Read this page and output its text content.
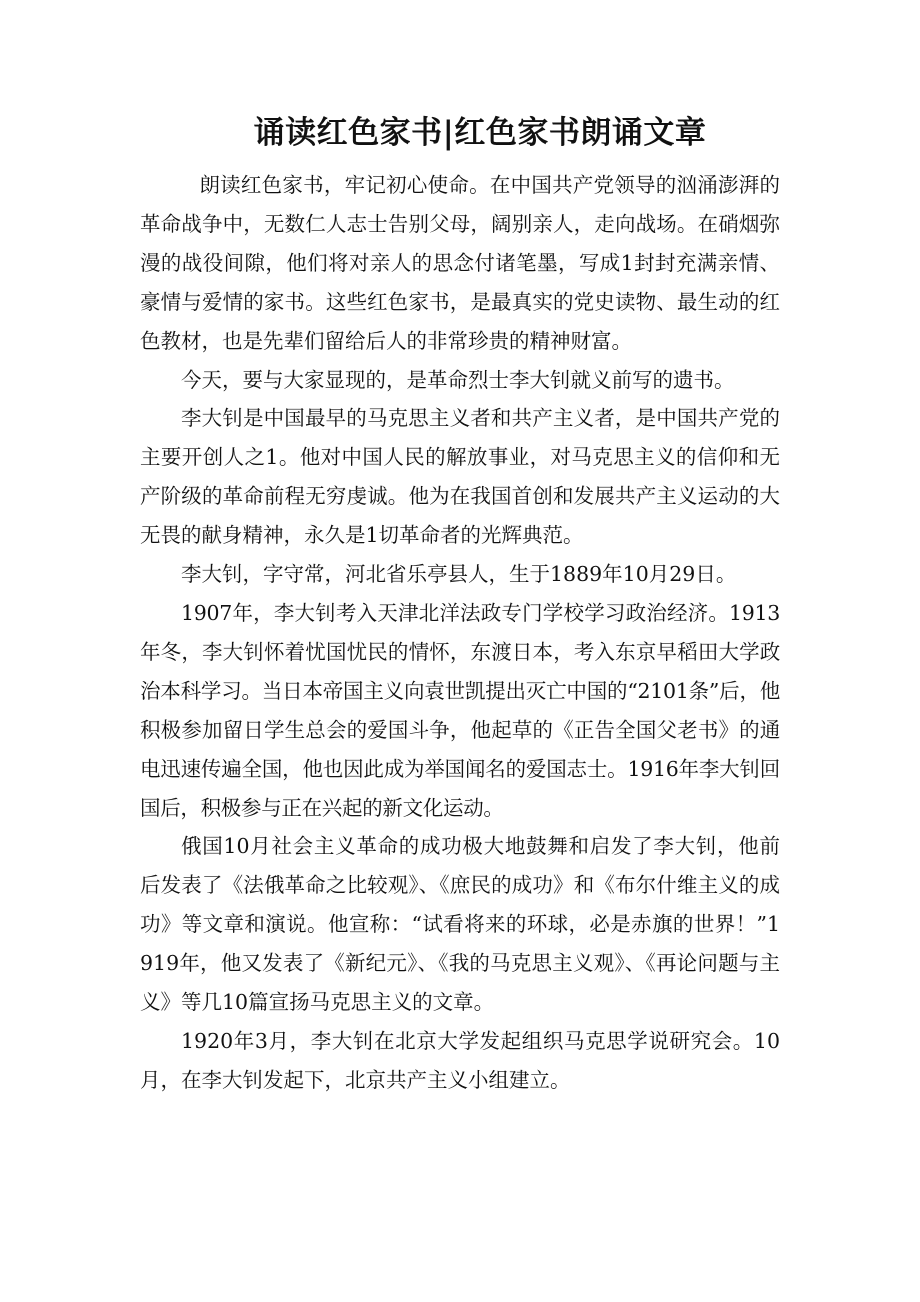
诵读红色家书|红色家书朗诵文章

朗读红色家书，牢记初心使命。在中国共产党领导的汹涌澎湃的革命战争中，无数仁人志士告别父母，阔别亲人，走向战场。在硝烟弥漫的战役间隙，他们将对亲人的思念付诸笔墨，写成1封封充满亲情、豪情与爱情的家书。这些红色家书，是最真实的党史读物、最生动的红色教材，也是先辈们留给后人的非常珍贵的精神财富。

今天，要与大家显现的，是革命烈士李大钊就义前写的遗书。

李大钊是中国最早的马克思主义者和共产主义者，是中国共产党的主要开创人之1。他对中国人民的解放事业，对马克思主义的信仰和无产阶级的革命前程无穷虔诚。他为在我国首创和发展共产主义运动的大无畏的献身精神，永久是1切革命者的光辉典范。

李大钊，字守常，河北省乐亭县人，生于1889年10月29日。

1907年，李大钊考入天津北洋法政专门学校学习政治经济。1913年冬，李大钊怀着忧国忧民的情怀，东渡日本，考入东京早稻田大学政治本科学习。当日本帝国主义向袁世凯提出灭亡中国的“2101条”后，他积极参加留日学生总会的爱国斗争，他起草的《正告全国父老书》的通电迅速传遍全国，他也因此成为举国闻名的爱国志士。1916年李大钊回国后，积极参与正在兴起的新文化运动。

俄国10月社会主义革命的成功极大地鼓舞和启发了李大钊，他前后发表了《法俄革命之比较观》、《庶民的成功》和《布尔什维主义的成功》等文章和演说。他宣称：“试看将来的环球，必是赤旗的世界！”1919年，他又发表了《新纪元》、《我的马克思主义观》、《再论问题与主义》等几10篇宣扬马克思主义的文章。

1920年3月，李大钊在北京大学发起组织马克思学说研究会。10月，在李大钊发起下，北京共产主义小组建立。
